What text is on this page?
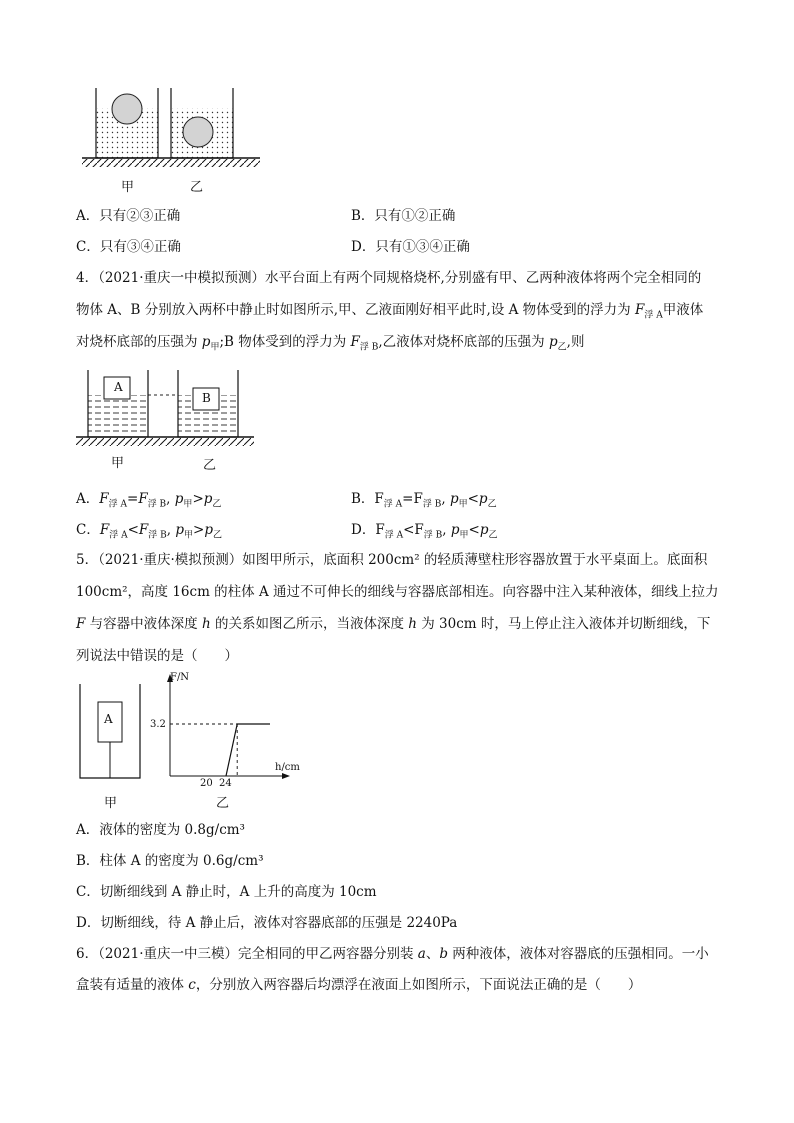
甲	乙
A．只有②③正确	B．只有①②正确
C．只有③④正确	D．只有①③④正确
4．（2021·重庆一中模拟预测）水平台面上有两个同规格烧杯,分别盛有甲、乙两种液体将两个完全相同的
物体 A、B 分别放入两杯中静止时如图所示,甲、乙液面刚好相平此时,设 A 物体受到的浮力为 $F_{浮 A}$甲液体
对烧杯底部的压强为 $p_甲;B$ 物体受到的浮力为 $F_{浮 B}$,乙液体对烧杯底部的压强为 $p_乙$,则
A
B
甲	乙
A．$F_{浮 A}=F_{浮 B}$, $p_甲>p_乙$	B．$F_{浮 A}=F_{浮 B}$, $p_甲<p_乙$
C．$F_{浮 A}<F_{浮 B}$, $p_甲>p_乙$	D．$F_{浮 A}<F_{浮 B}$, $p_甲<p_乙$
5．（2021·重庆·模拟预测）如图甲所示，底面积 200cm² 的轻质薄壁柱形容器放置于水平桌面上。底面积
100cm²，高度 16cm 的柱体 A 通过不可伸长的细线与容器底部相连。向容器中注入某种液体，细线上拉力
F 与容器中液体深度 h 的关系如图乙所示，当液体深度 h 为 30cm 时，马上停止注入液体并切断细线，下
列说法中错误的是（　　）
A
甲
F/N
3.2
h/cm
20 24
乙
A．液体的密度为 0.8g/cm³
B．柱体 A 的密度为 0.6g/cm³
C．切断细线到 A 静止时，A 上升的高度为 10cm
D．切断细线，待 A 静止后，液体对容器底部的压强是 2240Pa
6．（2021·重庆一中三模）完全相同的甲乙两容器分别装 a、b 两种液体，液体对容器底的压强相同。一小
盒装有适量的液体 c，分别放入两容器后均漂浮在液面上如图所示，下面说法正确的是（　　）
